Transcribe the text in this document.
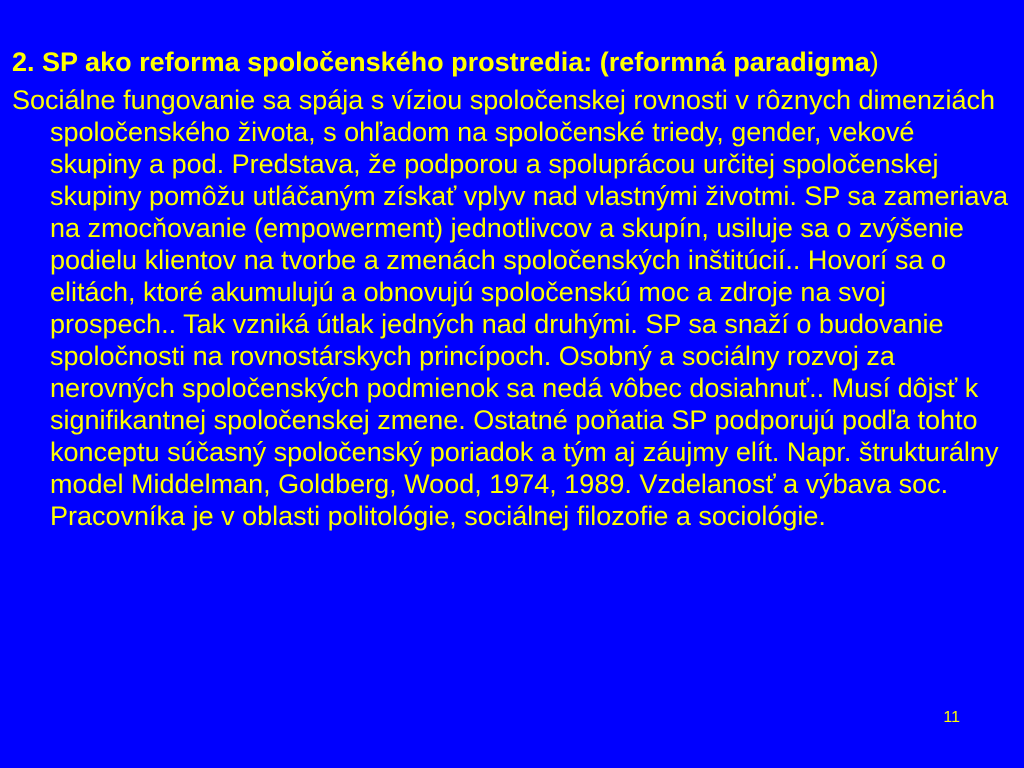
2. SP ako reforma spoločenského prostredia: (reformná paradigma)

Sociálne fungovanie sa spája s víziou spoločenskej rovnosti v rôznych dimenziách spoločenského života, s ohľadom na spoločenské triedy, gender, vekové skupiny a pod. Predstava, že podporou a spoluprácou určitej spoločenskej skupiny pomôžu utláčaným získať vplyv nad vlastnými životmi. SP sa zameriava na zmocňovanie (empowerment) jednotlivcov a skupín, usiluje sa o zvýšenie podielu klientov na tvorbe a zmenách spoločenských inštitúcií.. Hovorí sa o elitách, ktoré akumulujú a obnovujú spoločenskú moc a zdroje na svoj prospech.. Tak vzniká útlak jedných nad druhými. SP sa snaží o budovanie spoločnosti na rovnostárskych princípoch. Osobný a sociálny rozvoj za nerovných spoločenských podmienok sa nedá vôbec dosiahnuť.. Musí dôjsť k signifikantnej spoločenskej zmene. Ostatné poňatia SP podporujú podľa tohto konceptu súčasný spoločenský poriadok a tým aj záujmy elít. Napr. štrukturálny model Middelman, Goldberg, Wood, 1974, 1989. Vzdelanosť a výbava soc. Pracovníka je v oblasti politológie, sociálnej filozofie a sociológie.

11
